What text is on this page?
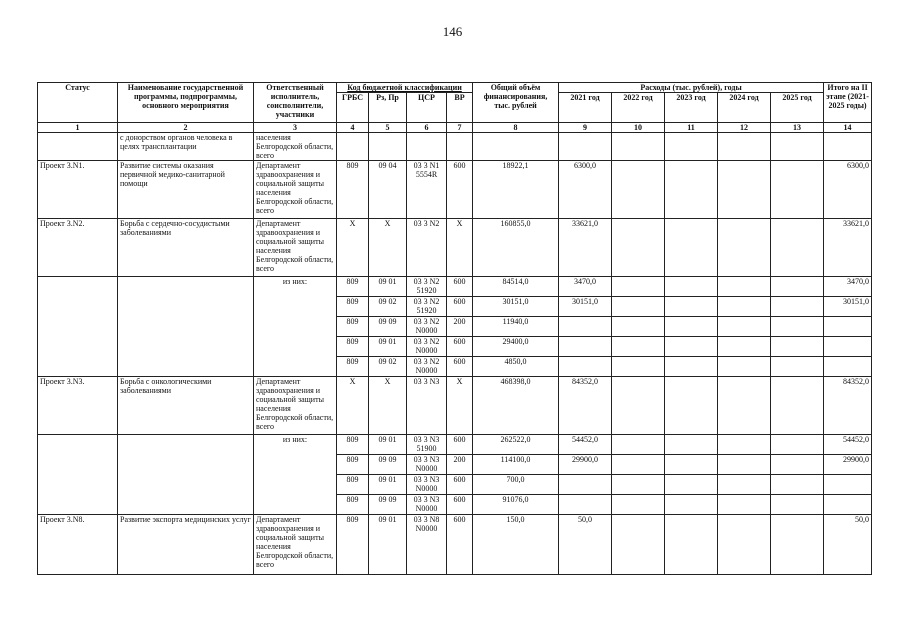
146
Статус	Наименование государственной программы, подпрограммы, основного мероприятия	Ответственный исполнитель, соисполнители, участники	Код бюджетной классификации				Общий объём финансирования, тыс. рублей	Расходы (тыс. рублей), годы					Итого на II этапе (2021-2025 годы)
			ГРБС	Рз, Пр	ЦСР	ВР		2021 год	2022 год	2023 год	2024 год	2025 год	
1	2	3	4	5	6	7	8	9	10	11	12	13	14
	с донорством органов человека в целях трансплантации	населения Белгородской области, всего											
Проект 3.N1.	Развитие системы оказания первичной медико-санитарной помощи	Департамент здравоохранения и социальной защиты населения Белгородской области, всего	809	09 04	03 3 N1 5554R	600	18922,1	6300,0					6300,0
Проект 3.N2.	Борьба с сердечно-сосудистыми заболеваниями	Департамент здравоохранения и социальной защиты населения Белгородской области, всего	X	X	03 3 N2	X	160855,0	33621,0					33621,0
		из них:	809	09 01	03 3 N2 51920	600	84514,0	3470,0					3470,0
			809	09 02	03 3 N2 51920	600	30151,0	30151,0					30151,0
			809	09 09	03 3 N2 N0000	200	11940,0						
			809	09 01	03 3 N2 N0000	600	29400,0						
			809	09 02	03 3 N2 N0000	600	4850,0						
Проект 3.N3.	Борьба с онкологическими заболеваниями	Департамент здравоохранения и социальной защиты населения Белгородской области, всего	X	X	03 3 N3	X	468398,0	84352,0					84352,0
		из них:	809	09 01	03 3 N3 51900	600	262522,0	54452,0					54452,0
			809	09 09	03 3 N3 N0000	200	114100,0	29900,0					29900,0
			809	09 01	03 3 N3 N0000	600	700,0						
			809	09 09	03 3 N3 N0000	600	91076,0						
Проект 3.N8.	Развитие экспорта медицинских услуг	Департамент здравоохранения и социальной защиты населения Белгородской области, всего	809	09 01	03 3 N8 N0000	600	150,0	50,0					50,0
